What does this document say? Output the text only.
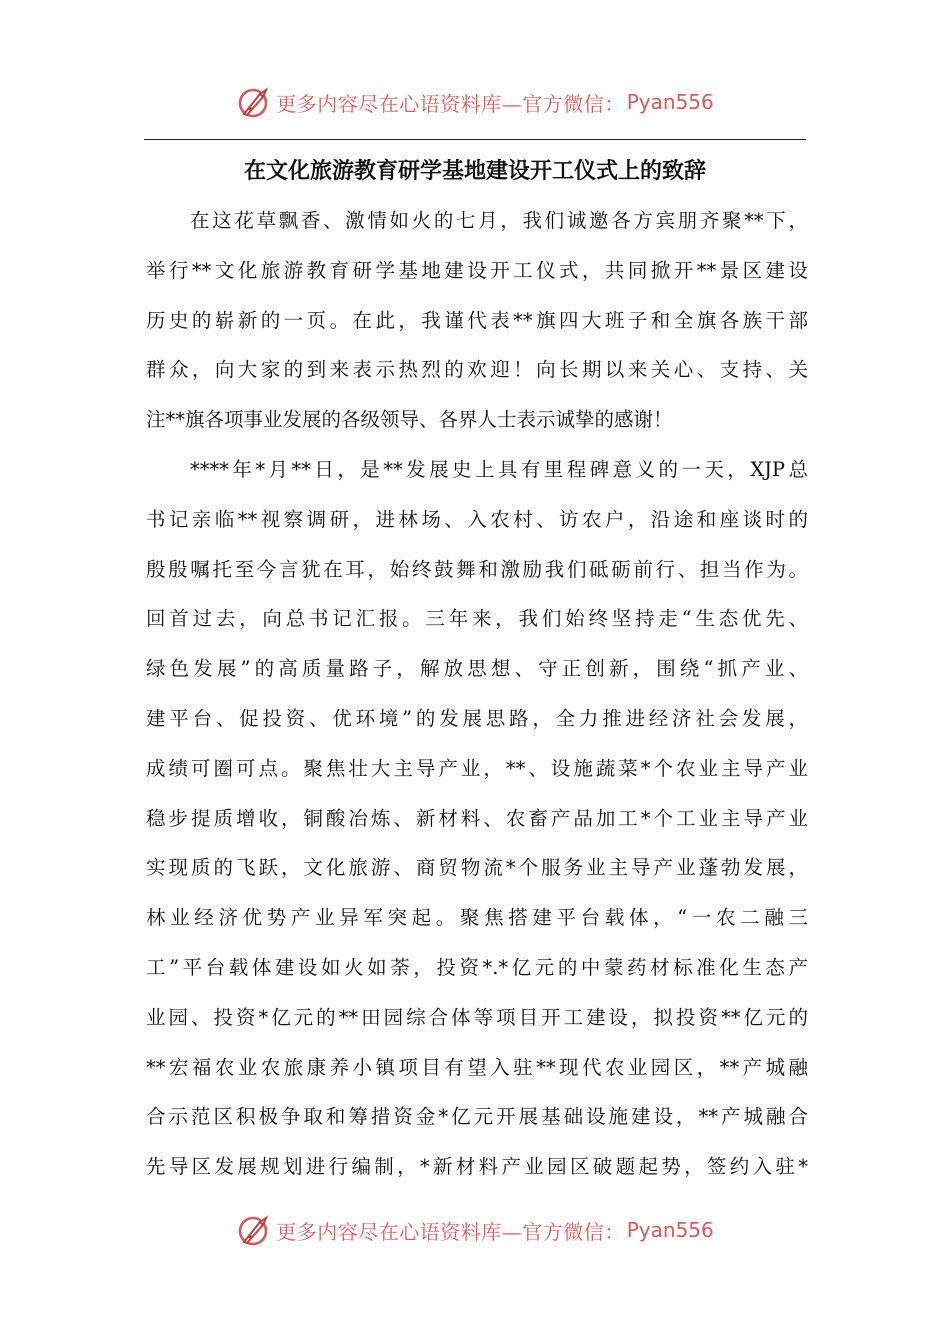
更多内容尽在心语资料库—官方微信： Pyan556
在文化旅游教育研学基地建设开工仪式上的致辞
在这花草飘香、激情如火的七月，我们诚邀各方宾朋齐聚**下，
举行**文化旅游教育研学基地建设开工仪式，共同掀开**景区建设
历史的崭新的一页。在此，我谨代表**旗四大班子和全旗各族干部
群众，向大家的到来表示热烈的欢迎！向长期以来关心、支持、关
注**旗各项事业发展的各级领导、各界人士表示诚挚的感谢！
****年*月**日，是**发展史上具有里程碑意义的一天，XJP总
书记亲临**视察调研，进林场、入农村、访农户，沿途和座谈时的
殷殷嘱托至今言犹在耳，始终鼓舞和激励我们砥砺前行、担当作为。
回首过去，向总书记汇报。三年来，我们始终坚持走“生态优先、
绿色发展”的高质量路子，解放思想、守正创新，围绕“抓产业、
建平台、促投资、优环境”的发展思路，全力推进经济社会发展，
成绩可圈可点。聚焦壮大主导产业，**、设施蔬菜*个农业主导产业
稳步提质增收，铜酸冶炼、新材料、农畜产品加工*个工业主导产业
实现质的飞跃，文化旅游、商贸物流*个服务业主导产业蓬勃发展，
林业经济优势产业异军突起。聚焦搭建平台载体，“一农二融三
工”平台载体建设如火如荼，投资*.*亿元的中蒙药材标准化生态产
业园、投资*亿元的**田园综合体等项目开工建设，拟投资**亿元的
**宏福农业农旅康养小镇项目有望入驻**现代农业园区，**产城融
合示范区积极争取和筹措资金*亿元开展基础设施建设，**产城融合
先导区发展规划进行编制，*新材料产业园区破题起势，签约入驻*
更多内容尽在心语资料库—官方微信： Pyan556
